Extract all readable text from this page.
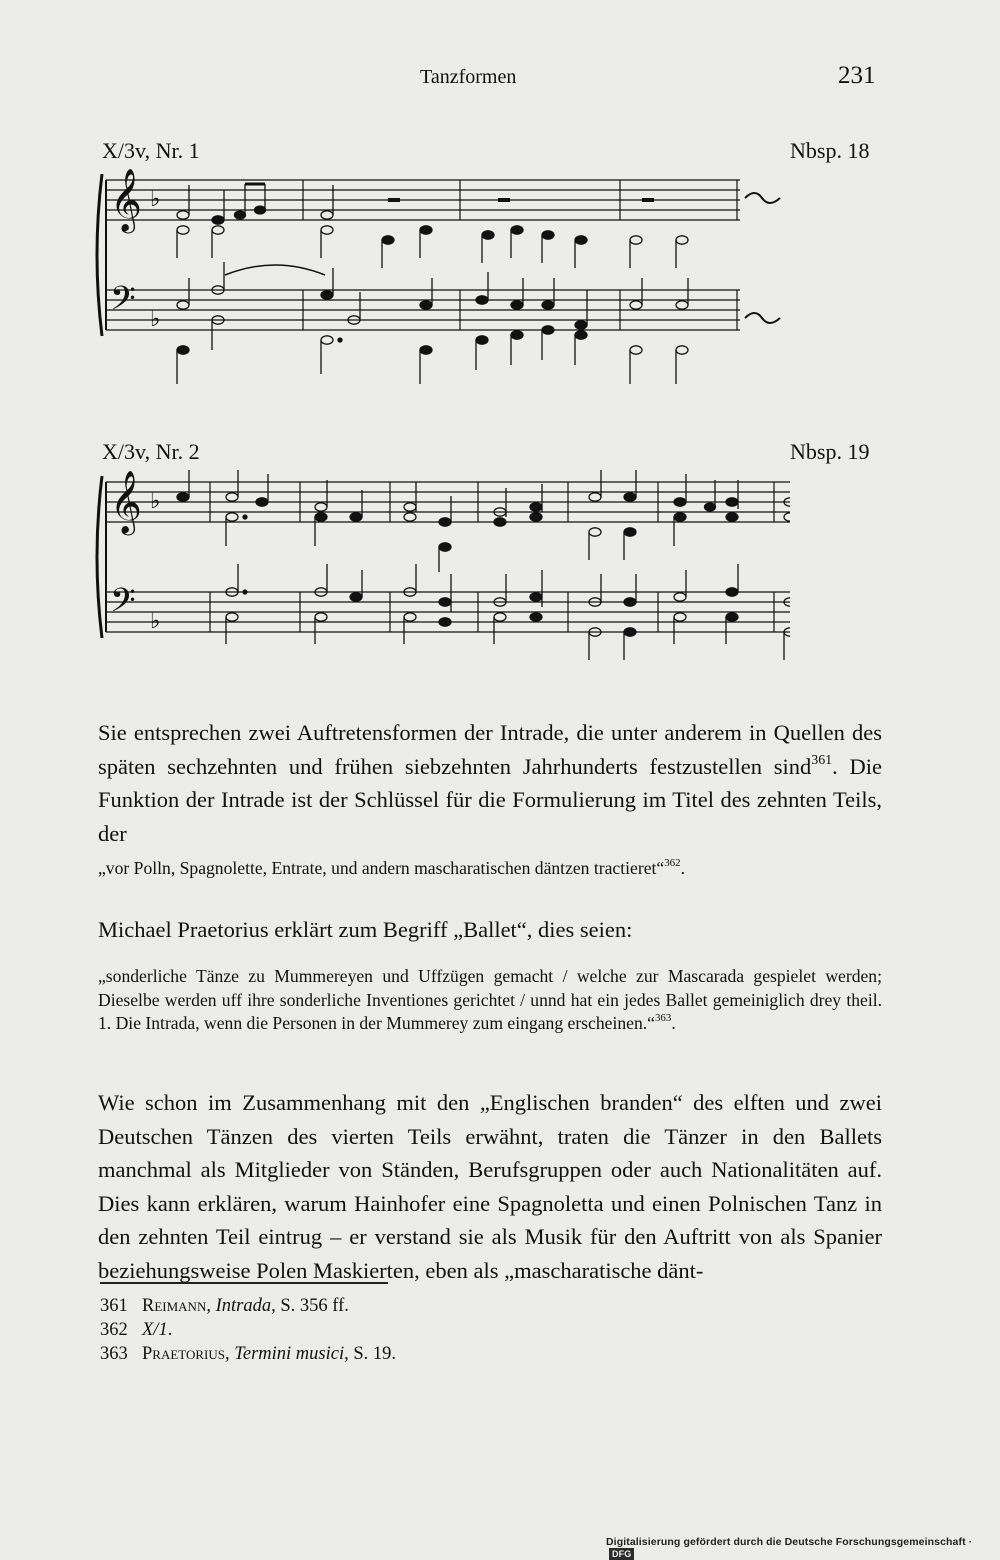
Tanzformen	231
X/3v, Nr. 1	Nbsp. 18
𝄞
𝄢
♭
♭
X/3v, Nr. 2	Nbsp. 19
𝄞
𝄢
♭
♭
Sie entsprechen zwei Auftretensformen der Intrade, die unter anderem in Quellen des späten sechzehnten und frühen siebzehnten Jahrhunderts festzustellen sind$^{361}$. Die Funktion der Intrade ist der Schlüssel für die Formulierung im Titel des zehnten Teils, der
„vor Polln, Spagnolette, Entrate, und andern mascharatischen däntzen tractieret“$^{362}$.
Michael Praetorius erklärt zum Begriff „Ballet“, dies seien:
„sonderliche Tänze zu Mummereyen und Uffzügen gemacht / welche zur Mascarada gespielet werden; Dieselbe werden uff ihre sonderliche Inventiones gerichtet / unnd hat ein jedes Ballet gemeiniglich drey theil. 1. Die Intrada, wenn die Personen in der Mummerey zum eingang erscheinen.“$^{363}$.
Wie schon im Zusammenhang mit den „Englischen branden“ des elften und zwei Deutschen Tänzen des vierten Teils erwähnt, traten die Tänzer in den Ballets manchmal als Mitglieder von Ständen, Berufsgruppen oder auch Nationalitäten auf. Dies kann erklären, warum Hainhofer eine Spagnoletta und einen Polnischen Tanz in den zehnten Teil eintrug – er verstand sie als Musik für den Auftritt von als Spanier beziehungsweise Polen Maskierten, eben als „mascharatische dänt-
361 Reimann, Intrada, S. 356 ff.
362 X/1.
363 Praetorius, Termini musici, S. 19.
Digitalisierung gefördert durch die Deutsche Forschungsgemeinschaft · DFG
